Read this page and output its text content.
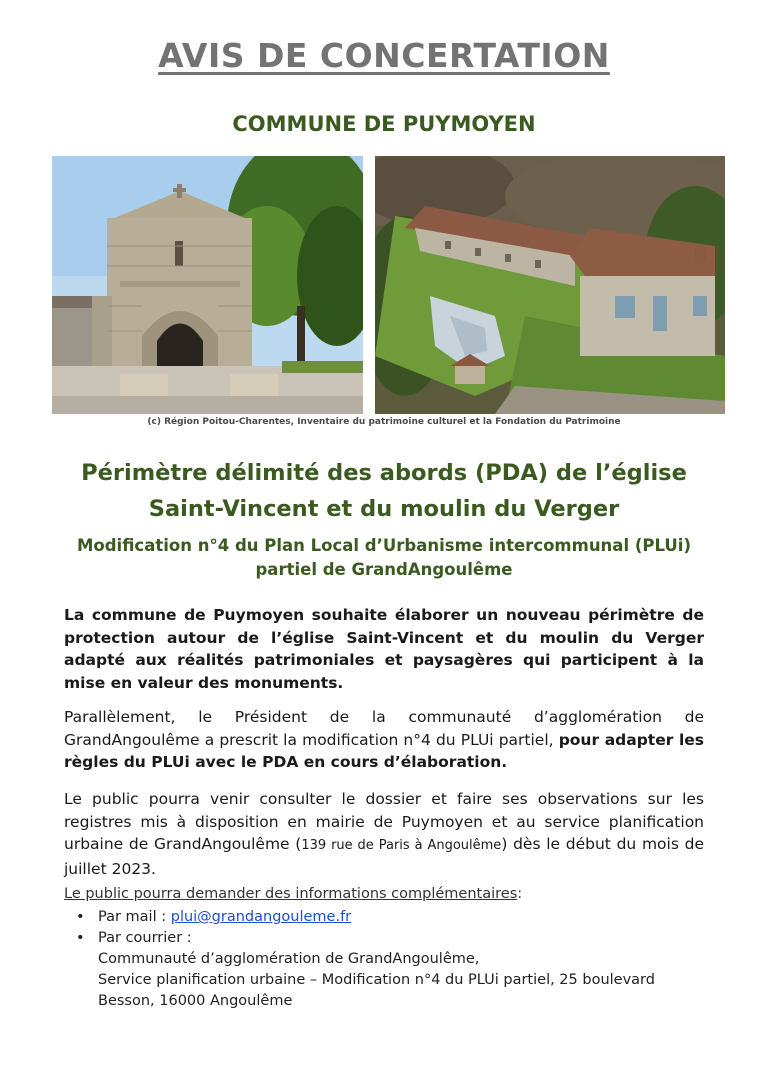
AVIS DE CONCERTATION
COMMUNE DE PUYMOYEN
(c) Région Poitou-Charentes, Inventaire du patrimoine culturel et la Fondation du Patrimoine
Périmètre délimité des abords (PDA) de l’église
Saint-Vincent et du moulin du Verger
Modification n°4 du Plan Local d’Urbanisme intercommunal (PLUi)
partiel de GrandAngoulême
La commune de Puymoyen souhaite élaborer un nouveau périmètre de protection autour de l’église Saint-Vincent et du moulin du Verger adapté aux réalités patrimoniales et paysagères qui participent à la mise en valeur des monuments.
Parallèlement, le Président de la communauté d’agglomération de GrandAngoulême a prescrit la modification n°4 du PLUi partiel, pour adapter les règles du PLUi avec le PDA en cours d’élaboration.
Le public pourra venir consulter le dossier et faire ses observations sur les registres mis à disposition en mairie de Puymoyen et au service planification urbaine de GrandAngoulême (139 rue de Paris à Angoulême) dès le début du mois de juillet 2023.
Le public pourra demander des informations complémentaires:
• Par mail : plui@grandangouleme.fr
• Par courrier :
Communauté d’agglomération de GrandAngoulême,
Service planification urbaine – Modification n°4 du PLUi partiel, 25 boulevard Besson, 16000 Angoulême
